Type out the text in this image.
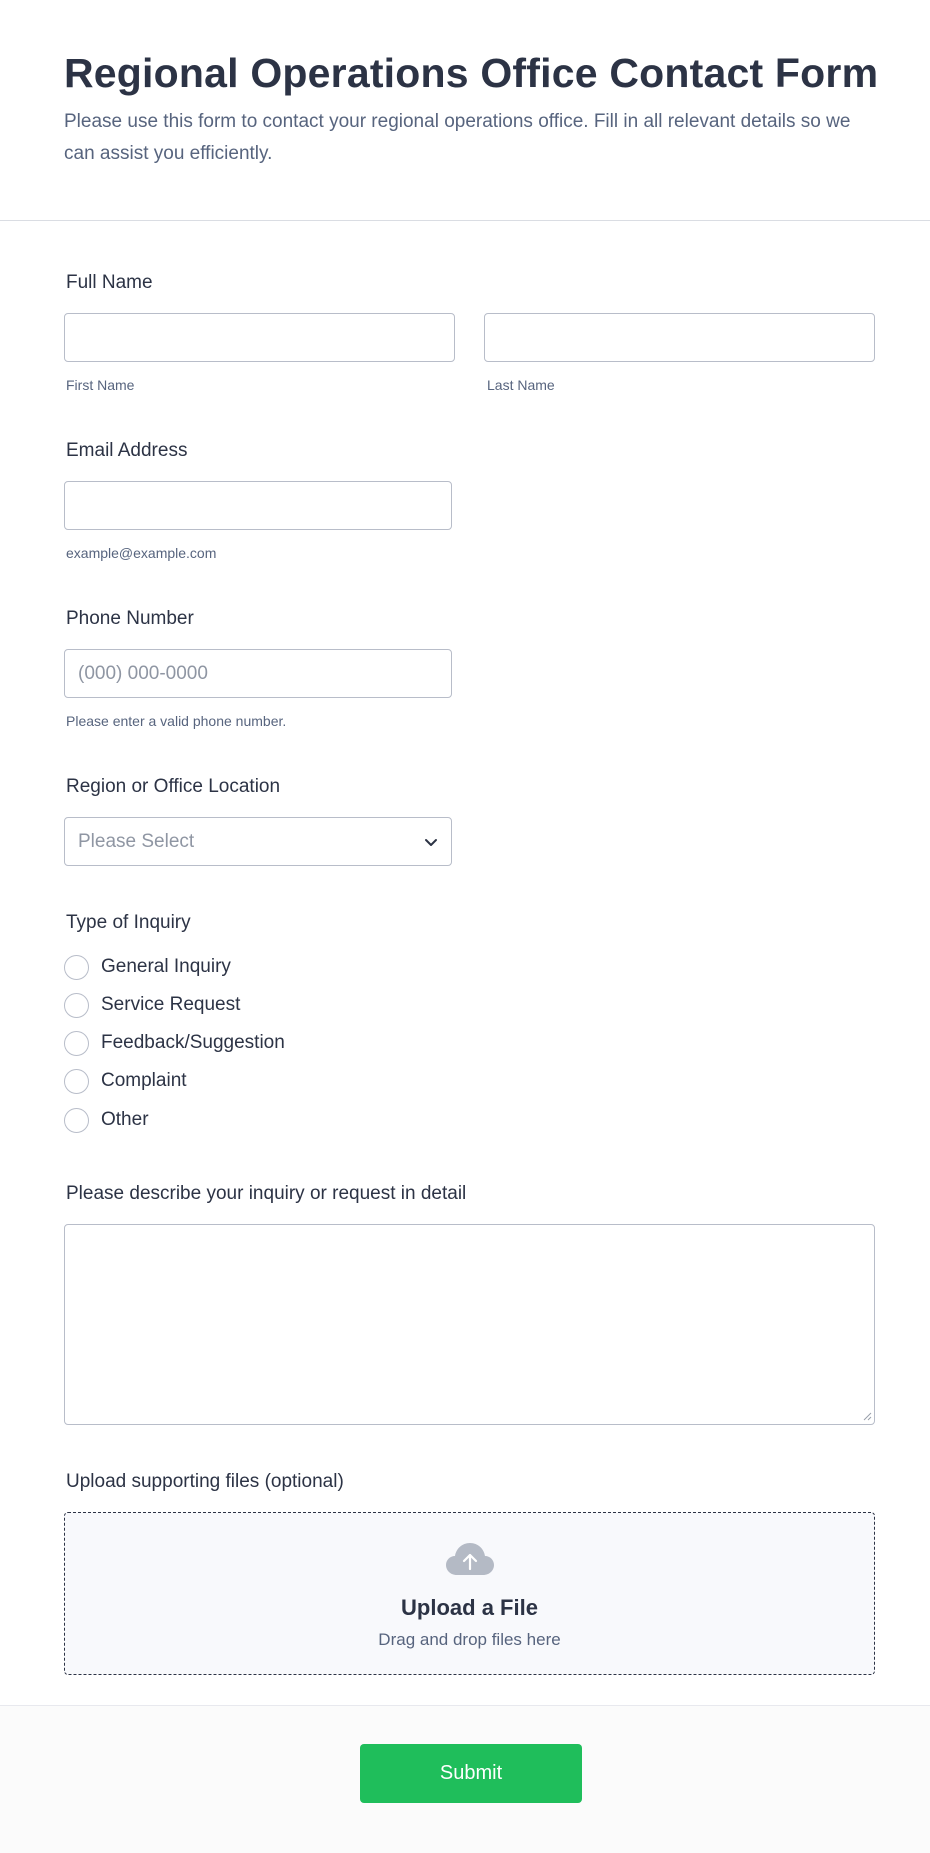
Regional Operations Office Contact Form

Please use this form to contact your regional operations office. Fill in all relevant details so we can assist you efficiently.

Full Name
First Name	Last Name
Email Address
example@example.com
Phone Number
(000) 000-0000
Please enter a valid phone number.
Region or Office Location
Please Select
Type of Inquiry
General Inquiry
Service Request
Feedback/Suggestion
Complaint
Other
Please describe your inquiry or request in detail
Upload supporting files (optional)
Upload a File
Drag and drop files here
Submit
